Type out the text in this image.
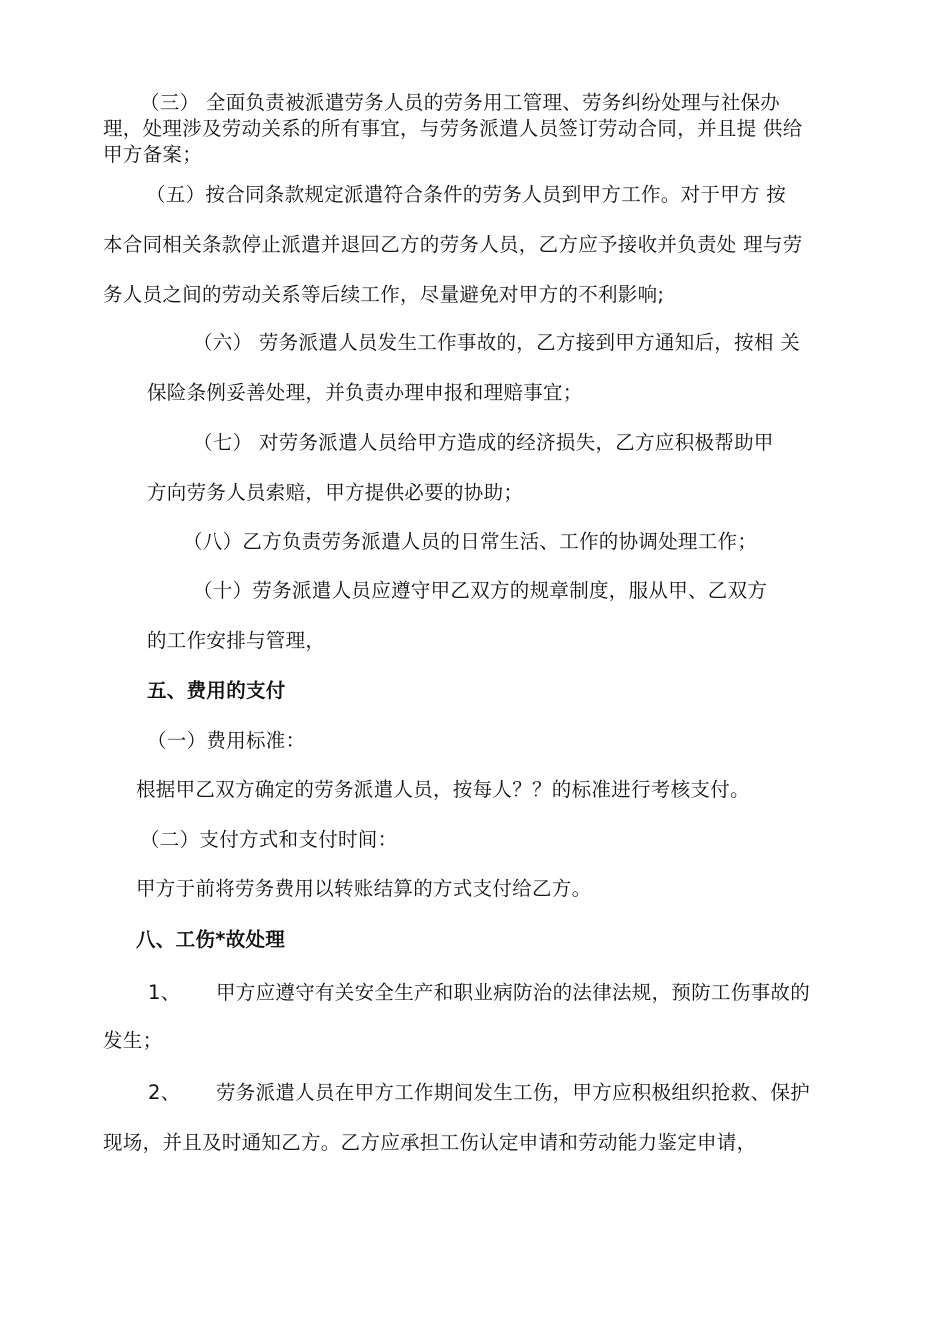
（三） 全面负责被派遣劳务人员的劳务用工管理、劳务纠纷处理与社保办
理，处理涉及劳动关系的所有事宜，与劳务派遣人员签订劳动合同，并且提 供给
甲方备案；
（五）按合同条款规定派遣符合条件的劳务人员到甲方工作。对于甲方 按
本合同相关条款停止派遣并退回乙方的劳务人员，乙方应予接收并负责处 理与劳
务人员之间的劳动关系等后续工作，尽量避免对甲方的不利影响;
（六） 劳务派遣人员发生工作事故的，乙方接到甲方通知后，按相 关
保险条例妥善处理，并负责办理申报和理赔事宜；
（七） 对劳务派遣人员给甲方造成的经济损失，乙方应积极帮助甲
方向劳务人员索赔，甲方提供必要的协助；
（八）乙方负责劳务派遣人员的日常生活、工作的协调处理工作；
（十）劳务派遣人员应遵守甲乙双方的规章制度，服从甲、乙双方
的工作安排与管理，
五、费用的支付
（一）费用标准：
根据甲乙双方确定的劳务派遣人员，按每人？？的标准进行考核支付。
（二）支付方式和支付时间：
甲方于前将劳务费用以转账结算的方式支付给乙方。
八、工伤*故处理
1、 甲方应遵守有关安全生产和职业病防治的法律法规，预防工伤事故的
发生；
2、 劳务派遣人员在甲方工作期间发生工伤，甲方应积极组织抢救、保护
现场，并且及时通知乙方。乙方应承担工伤认定申请和劳动能力鉴定申请，
